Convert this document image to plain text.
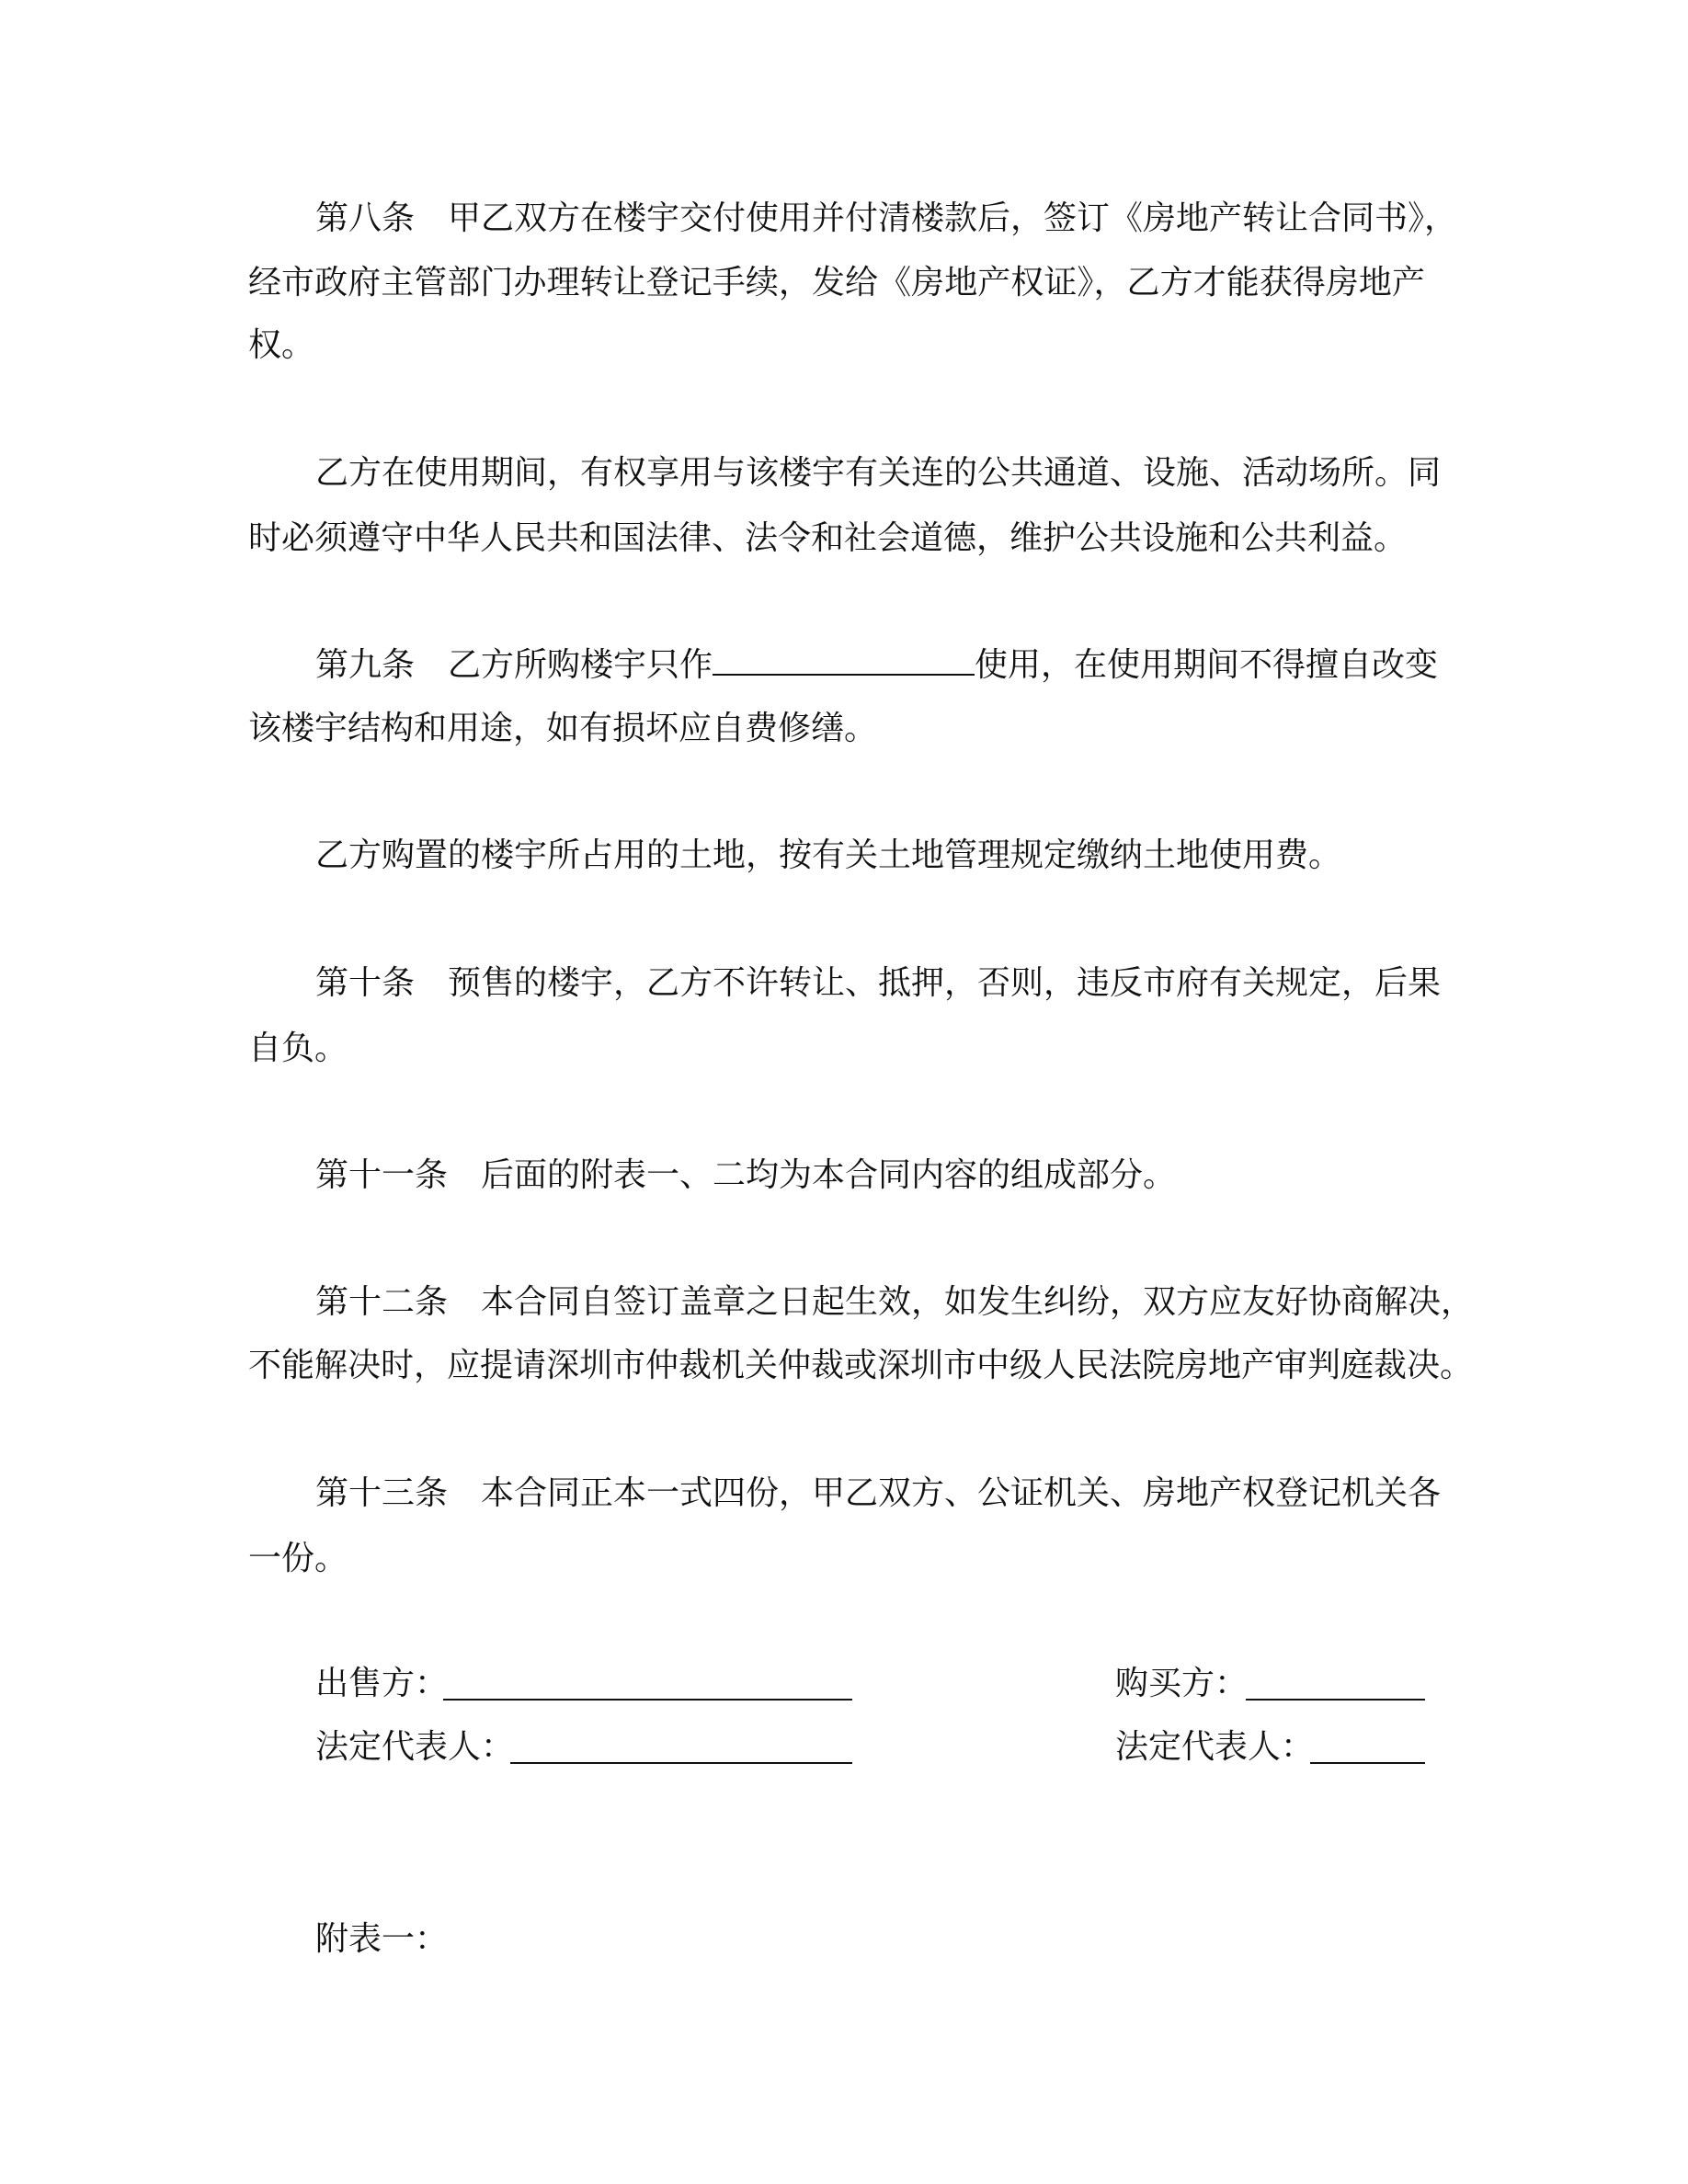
第八条　甲乙双方在楼宇交付使用并付清楼款后，签订《房地产转让合同书》，
经市政府主管部门办理转让登记手续，发给《房地产权证》，乙方才能获得房地产
权。
乙方在使用期间，有权享用与该楼宇有关连的公共通道、设施、活动场所。同
时必须遵守中华人民共和国法律、法令和社会道德，维护公共设施和公共利益。
第九条　乙方所购楼宇只作	使用，在使用期间不得擅自改变
该楼宇结构和用途，如有损坏应自费修缮。
乙方购置的楼宇所占用的土地，按有关土地管理规定缴纳土地使用费。
第十条　预售的楼宇，乙方不许转让、抵押，否则，违反市府有关规定，后果
自负。
第十一条　后面的附表一、二均为本合同内容的组成部分。
第十二条　本合同自签订盖章之日起生效，如发生纠纷，双方应友好协商解决，
不能解决时，应提请深圳市仲裁机关仲裁或深圳市中级人民法院房地产审判庭裁决。
第十三条　本合同正本一式四份，甲乙双方、公证机关、房地产权登记机关各
一份。
出售方：	购买方：
法定代表人：	法定代表人：
附表一：
